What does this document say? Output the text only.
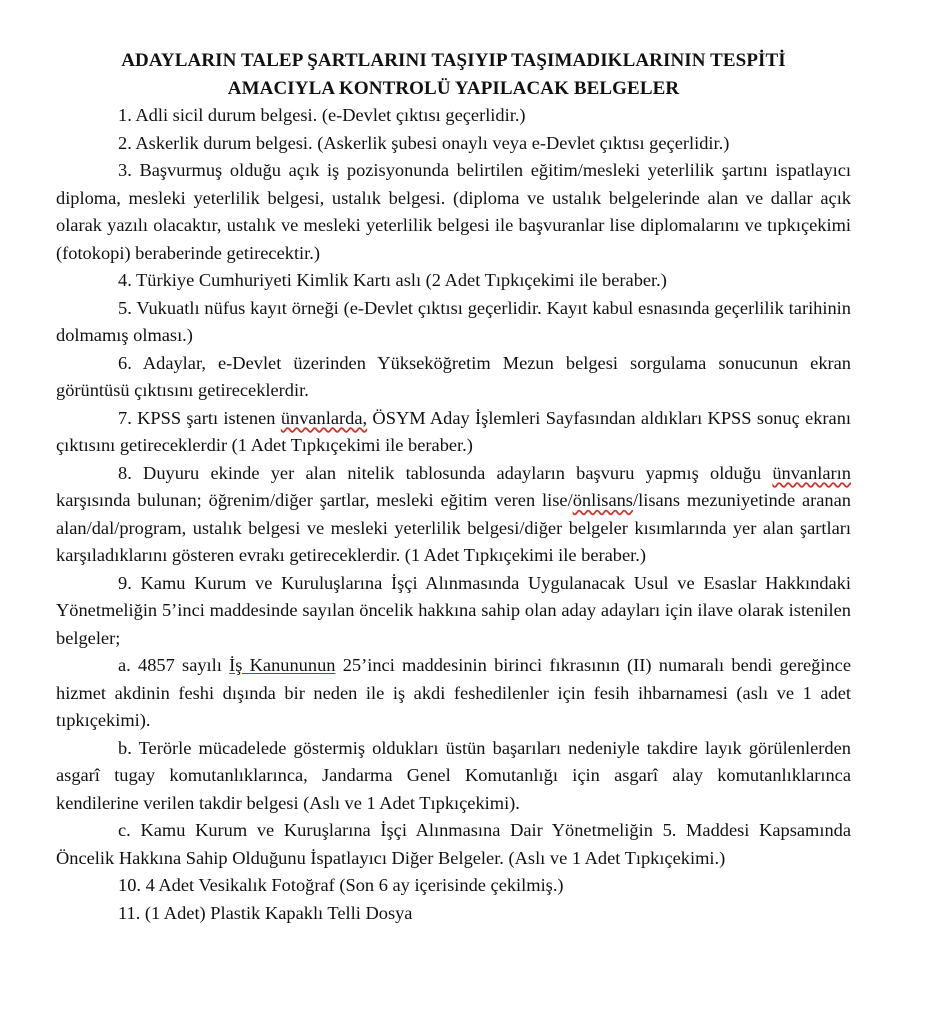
ADAYLARIN TALEP ŞARTLARINI TAŞIYIP TAŞIMADIKLARININ TESPİTİ
AMACIYLA KONTROLÜ YAPILACAK BELGELER

1. Adli sicil durum belgesi. (e-Devlet çıktısı geçerlidir.)

2. Askerlik durum belgesi. (Askerlik şubesi onaylı veya e-Devlet çıktısı geçerlidir.)

3. Başvurmuş olduğu açık iş pozisyonunda belirtilen eğitim/mesleki yeterlilik şartını ispatlayıcı diploma, mesleki yeterlilik belgesi, ustalık belgesi. (diploma ve ustalık belgelerinde alan ve dallar açık olarak yazılı olacaktır, ustalık ve mesleki yeterlilik belgesi ile başvuranlar lise diplomalarını ve tıpkıçekimi (fotokopi) beraberinde getirecektir.)

4. Türkiye Cumhuriyeti Kimlik Kartı aslı (2 Adet Tıpkıçekimi ile beraber.)

5. Vukuatlı nüfus kayıt örneği (e-Devlet çıktısı geçerlidir. Kayıt kabul esnasında geçerlilik tarihinin dolmamış olması.)

6. Adaylar, e-Devlet üzerinden Yükseköğretim Mezun belgesi sorgulama sonucunun ekran görüntüsü çıktısını getireceklerdir.

7. KPSS şartı istenen ünvanlarda, ÖSYM Aday İşlemleri Sayfasından aldıkları KPSS sonuç ekranı çıktısını getireceklerdir (1 Adet Tıpkıçekimi ile beraber.)

8. Duyuru ekinde yer alan nitelik tablosunda adayların başvuru yapmış olduğu ünvanların karşısında bulunan; öğrenim/diğer şartlar, mesleki eğitim veren lise/önlisans/lisans mezuniyetinde aranan alan/dal/program, ustalık belgesi ve mesleki yeterlilik belgesi/diğer belgeler kısımlarında yer alan şartları karşıladıklarını gösteren evrakı getireceklerdir. (1 Adet Tıpkıçekimi ile beraber.)

9. Kamu Kurum ve Kuruluşlarına İşçi Alınmasında Uygulanacak Usul ve Esaslar Hakkındaki Yönetmeliğin 5’inci maddesinde sayılan öncelik hakkına sahip olan aday adayları için ilave olarak istenilen belgeler;

a. 4857 sayılı İş Kanununun 25’inci maddesinin birinci fıkrasının (II) numaralı bendi gereğince hizmet akdinin feshi dışında bir neden ile iş akdi feshedilenler için fesih ihbarnamesi (aslı ve 1 adet tıpkıçekimi).

b. Terörle mücadelede göstermiş oldukları üstün başarıları nedeniyle takdire layık görülenlerden asgarî tugay komutanlıklarınca, Jandarma Genel Komutanlığı için asgarî alay komutanlıklarınca kendilerine verilen takdir belgesi (Aslı ve 1 Adet Tıpkıçekimi).

c. Kamu Kurum ve Kuruşlarına İşçi Alınmasına Dair Yönetmeliğin 5. Maddesi Kapsamında Öncelik Hakkına Sahip Olduğunu İspatlayıcı Diğer Belgeler. (Aslı ve 1 Adet Tıpkıçekimi.)

10. 4 Adet Vesikalık Fotoğraf (Son 6 ay içerisinde çekilmiş.)

11. (1 Adet) Plastik Kapaklı Telli Dosya
